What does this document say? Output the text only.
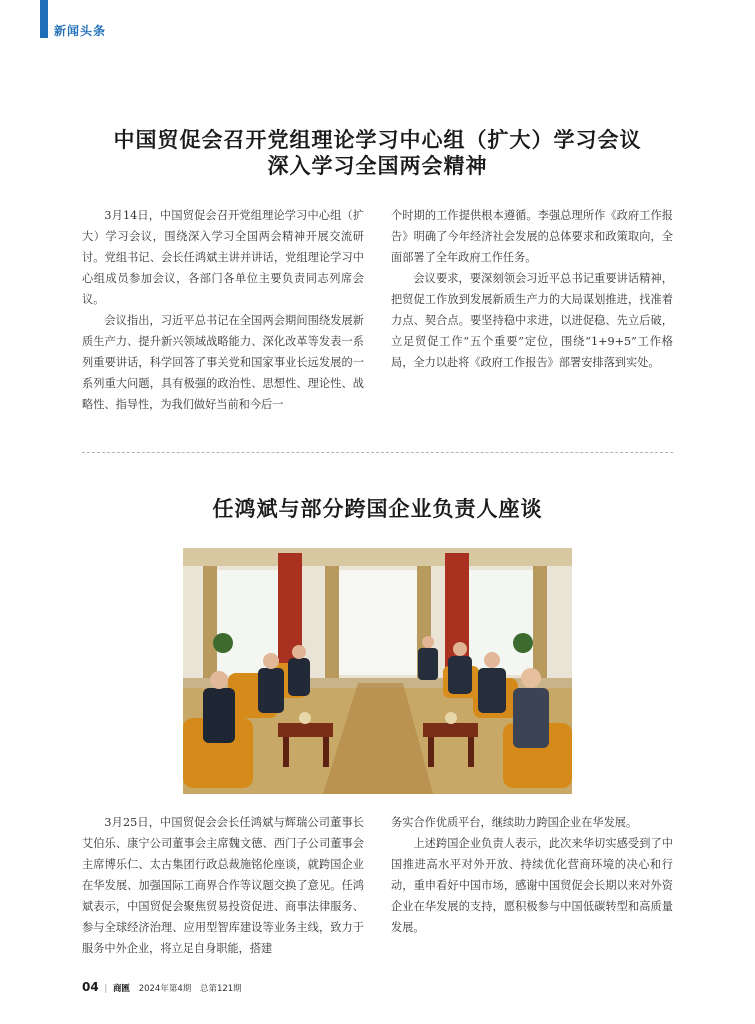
新闻头条
中国贸促会召开党组理论学习中心组（扩大）学习会议
深入学习全国两会精神

3月14日，中国贸促会召开党组理论学习中心组（扩大）学习会议，围绕深入学习全国两会精神开展交流研讨。党组书记、会长任鸿斌主讲并讲话，党组理论学习中心组成员参加会议，各部门各单位主要负责同志列席会议。

会议指出，习近平总书记在全国两会期间围绕发展新质生产力、提升新兴领域战略能力、深化改革等发表一系列重要讲话，科学回答了事关党和国家事业长远发展的一系列重大问题，具有极强的政治性、思想性、理论性、战略性、指导性，为我们做好当前和今后一

个时期的工作提供根本遵循。李强总理所作《政府工作报告》明确了今年经济社会发展的总体要求和政策取向，全面部署了全年政府工作任务。

会议要求，要深刻领会习近平总书记重要讲话精神，把贸促工作放到发展新质生产力的大局谋划推进，找准着力点、契合点。要坚持稳中求进，以进促稳、先立后破，立足贸促工作“五个重要”定位，围绕“1+9+5”工作格局，全力以赴将《政府工作报告》部署安排落到实处。

任鸿斌与部分跨国企业负责人座谈

3月25日，中国贸促会会长任鸿斌与辉瑞公司董事长艾伯乐、康宁公司董事会主席魏文德、西门子公司董事会主席博乐仁、太古集团行政总裁施铭伦座谈，就跨国企业在华发展、加强国际工商界合作等议题交换了意见。任鸿斌表示，中国贸促会聚焦贸易投资促进、商事法律服务、参与全球经济治理、应用型智库建设等业务主线，致力于服务中外企业，将立足自身职能，搭建

务实合作优质平台，继续助力跨国企业在华发展。

上述跨国企业负责人表示，此次来华切实感受到了中国推进高水平对外开放、持续优化营商环境的决心和行动，重申看好中国市场，感谢中国贸促会长期以来对外资企业在华发展的支持，愿积极参与中国低碳转型和高质量发展。

04 | 商匯 2024年第4期 总第121期
